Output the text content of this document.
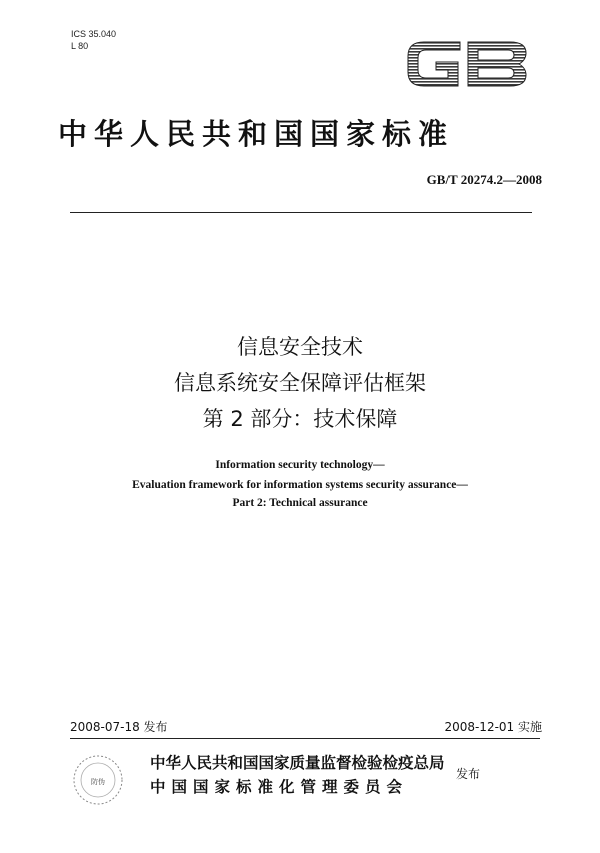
ICS 35.040
L 80
中华人民共和国国家标准
GB/T 20274.2—2008
信息安全技术
信息系统安全保障评估框架
第 2 部分：技术保障
Information security technology—
Evaluation framework for information systems security assurance—
Part 2: Technical assurance
2008-07-18 发布	2008-12-01 实施
防伪
中华人民共和国国家质量监督检验检疫总局
中国国家标准化管理委员会
发布
